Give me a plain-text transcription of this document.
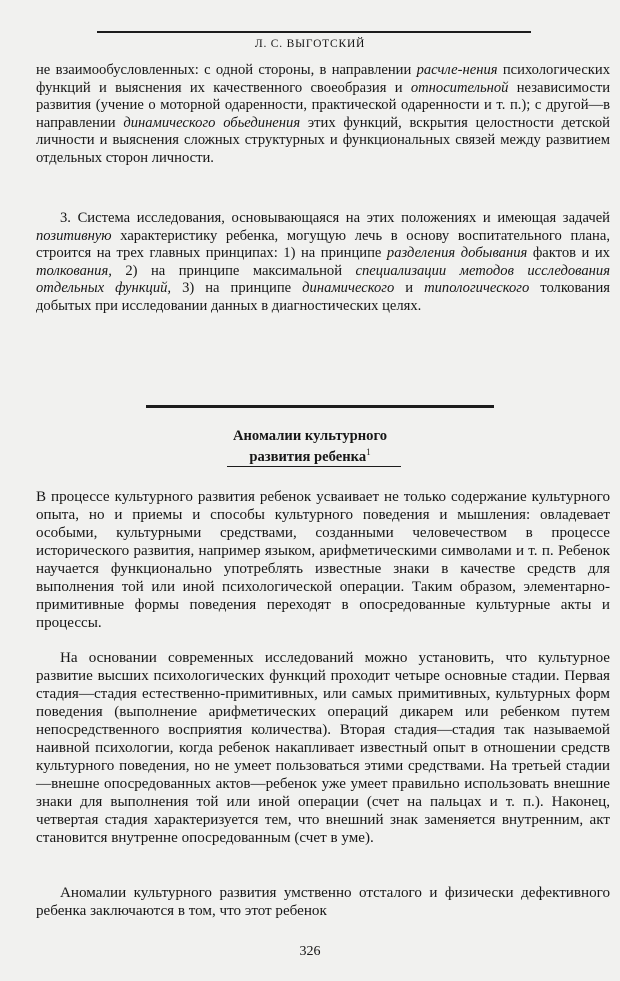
Л. С. ВЫГОТСКИЙ

не взаимообусловленных: с одной стороны, в направлении расчле-нения психологических функций и выяснения их качественного своеобразия и относительной независимости развития (учение о моторной одаренности, практической одаренности и т. п.); с другой—в направлении динамического обьединения этих функций, вскрытия целостности детской личности и выяснения сложных структурных и функциональных связей между развитием отдельных сторон личности.

3. Система исследования, основывающаяся на этих положениях и имеющая задачей позитивную характеристику ребенка, могущую лечь в основу воспитательного плана, строится на трех главных принципах: 1) на принципе разделения добывания фактов и их толкования, 2) на принципе максимальной специализации методов исследования отдельных функций, 3) на принципе динамического и типологического толкования добытых при исследовании данных в диагностических целях.

Аномалии культурного
развития ребенка$^1$

В процессе культурного развития ребенок усваивает не только содержание культурного опыта, но и приемы и способы культурного поведения и мышления: овладевает особыми, культурными средствами, созданными человечеством в процессе исторического развития, например языком, арифметическими символами и т. п. Ребенок научается функционально употреблять известные знаки в качестве средств для выполнения той или иной психологической операции. Таким образом, элементарно-примитивные формы поведения переходят в опосредованные культурные акты и процессы.

На основании современных исследований можно установить, что культурное развитие высших психологических функций проходит четыре основные стадии. Первая стадия—стадия естественно-примитивных, или самых примитивных, культурных форм поведения (выполнение арифметических операций дикарем или ребенком путем непосредственного восприятия количества). Вторая стадия—стадия так называемой наивной психологии, когда ребенок накапливает известный опыт в отношении средств культурного поведения, но не умеет пользоваться этими средствами. На третьей стадии—внешне опосредованных актов—ребенок уже умеет правильно использовать внешние знаки для выполнения той или иной операции (счет на пальцах и т. п.). Наконец, четвертая стадия характеризуется тем, что внешний знак заменяется внутренним, акт становится внутренне опосредованным (счет в уме).

Аномалии культурного развития умственно отсталого и физически дефективного ребенка заключаются в том, что этот ребенок

326
